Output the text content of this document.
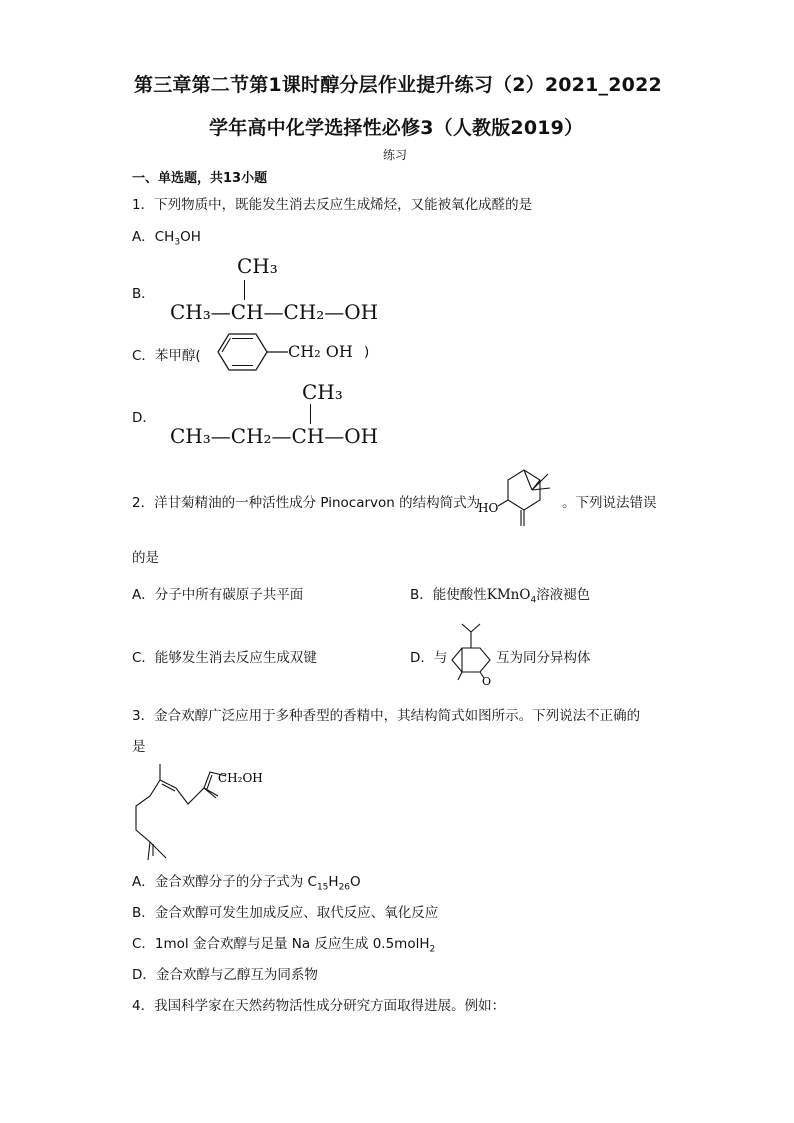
第三章第二节第1课时醇分层作业提升练习（2）2021_2022
学年高中化学选择性必修3（人教版2019）
练习
一、单选题，共13小题
1．下列物质中，既能发生消去反应生成烯烃，又能被氧化成醛的是
A．$CH_3OH$
B．
CH₃
CH₃—CH—CH₂—OH
C．苯甲醇(	CH₂ OH )
D．
CH₃
CH₃—CH₂—CH—OH
2．洋甘菊精油的一种活性成分 Pinocarvon 的结构简式为
HO	。下列说法错误
的是
A．分子中所有碳原子共平面	B．能使酸性KMnO$_4$溶液褪色
C．能够发生消去反应生成双键	D．与
O
互为同分异构体
3．金合欢醇广泛应用于多种香型的香精中，其结构简式如图所示。下列说法不正确的
是
CH₂OH
A．金合欢醇分子的分子式为 $C_{15}H_{26}O$
B．金合欢醇可发生加成反应、取代反应、氧化反应
C．1mol 金合欢醇与足量 Na 反应生成 0.5molH$_2$
D．金合欢醇与乙醇互为同系物
4．我国科学家在天然药物活性成分研究方面取得进展。例如：
